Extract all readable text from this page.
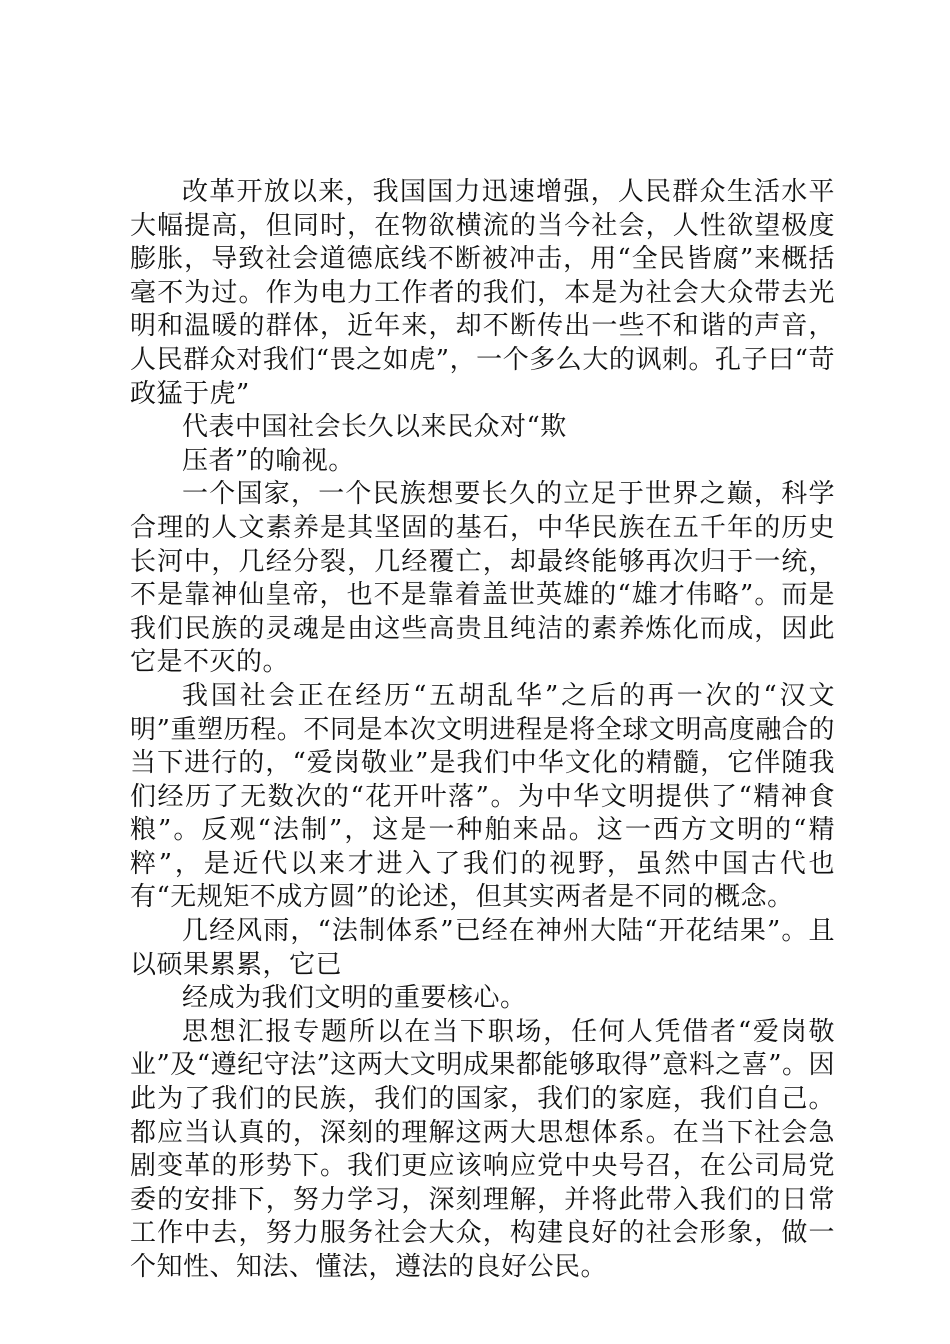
改革开放以来，我国国力迅速增强，人民群众生活水平大幅提高，但同时，在物欲横流的当今社会，人性欲望极度膨胀，导致社会道德底线不断被冲击，用“全民皆腐”来概括毫不为过。作为电力工作者的我们，本是为社会大众带去光明和温暖的群体，近年来，却不断传出一些不和谐的声音，人民群众对我们“畏之如虎”，一个多么大的讽刺。孔子曰“苛政猛于虎”

代表中国社会长久以来民众对“欺

压者”的喻视。

一个国家，一个民族想要长久的立足于世界之巅，科学合理的人文素养是其坚固的基石，中华民族在五千年的历史长河中，几经分裂，几经覆亡，却最终能够再次归于一统，不是靠神仙皇帝，也不是靠着盖世英雄的“雄才伟略”。而是我们民族的灵魂是由这些高贵且纯洁的素养炼化而成，因此它是不灭的。

我国社会正在经历“五胡乱华”之后的再一次的“汉文明”重塑历程。不同是本次文明进程是将全球文明高度融合的当下进行的，“爱岗敬业”是我们中华文化的精髓，它伴随我们经历了无数次的“花开叶落”。为中华文明提供了“精神食粮”。反观“法制”，这是一种舶来品。这一西方文明的“精粹”，是近代以来才进入了我们的视野，虽然中国古代也有“无规矩不成方圆”的论述，但其实两者是不同的概念。

几经风雨，“法制体系”已经在神州大陆“开花结果”。且以硕果累累，它已

经成为我们文明的重要核心。

思想汇报专题所以在当下职场，任何人凭借者“爱岗敬业”及“遵纪守法”这两大文明成果都能够取得”意料之喜”。因此为了我们的民族，我们的国家，我们的家庭，我们自己。都应当认真的，深刻的理解这两大思想体系。在当下社会急剧变革的形势下。我们更应该响应党中央号召，在公司局党委的安排下，努力学习，深刻理解，并将此带入我们的日常工作中去，努力服务社会大众，构建良好的社会形象，做一个知性、知法、懂法，遵法的良好公民。
